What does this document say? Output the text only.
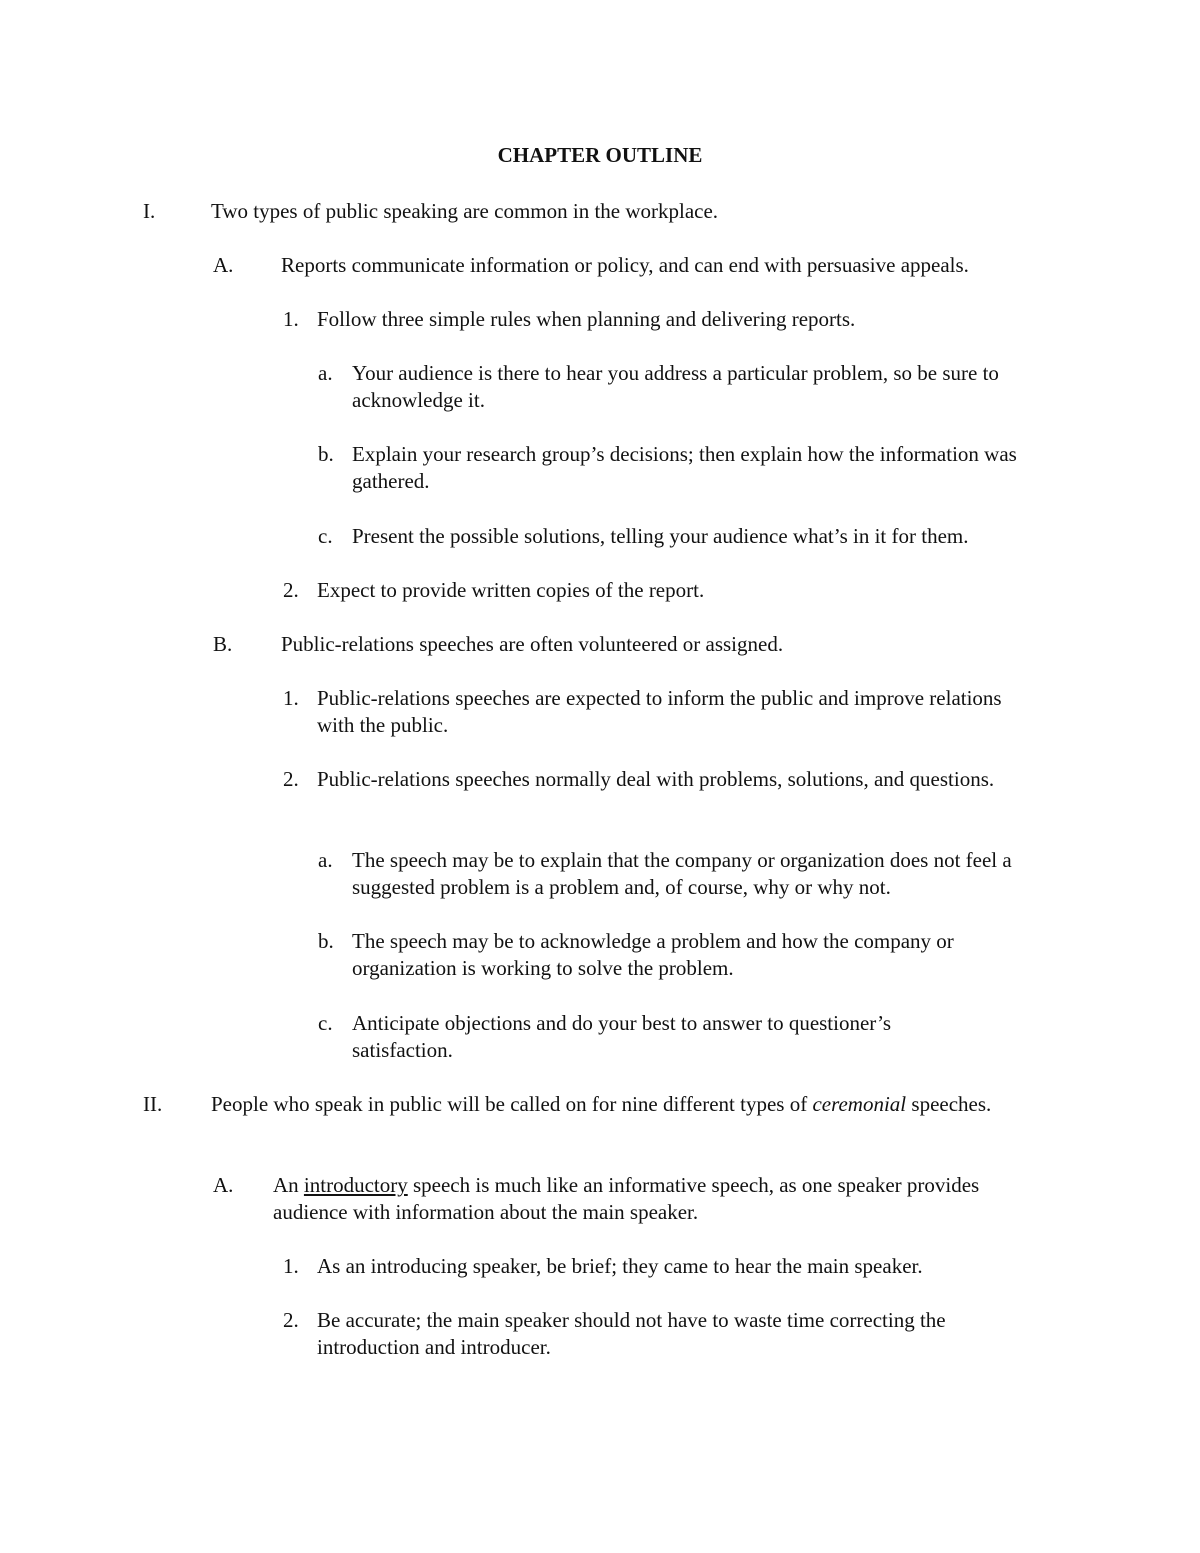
CHAPTER OUTLINE
I.	Two types of public speaking are common in the workplace.
A. Reports communicate information or policy, and can end with persuasive appeals.
1. Follow three simple rules when planning and delivering reports.
a. Your audience is there to hear you address a particular problem, so be sure to acknowledge it.
b. Explain your research group’s decisions; then explain how the information was gathered.
c. Present the possible solutions, telling your audience what’s in it for them.
2. Expect to provide written copies of the report.
B. Public-relations speeches are often volunteered or assigned.
1. Public-relations speeches are expected to inform the public and improve relations with the public.
2. Public-relations speeches normally deal with problems, solutions, and questions.
a. The speech may be to explain that the company or organization does not feel a suggested problem is a problem and, of course, why or why not.
b. The speech may be to acknowledge a problem and how the company or organization is working to solve the problem.
c. Anticipate objections and do your best to answer to questioner’s satisfaction.
II. People who speak in public will be called on for nine different types of ceremonial speeches.
A. An introductory speech is much like an informative speech, as one speaker provides audience with information about the main speaker.
1. As an introducing speaker, be brief; they came to hear the main speaker.
2. Be accurate; the main speaker should not have to waste time correcting the introduction and introducer.
